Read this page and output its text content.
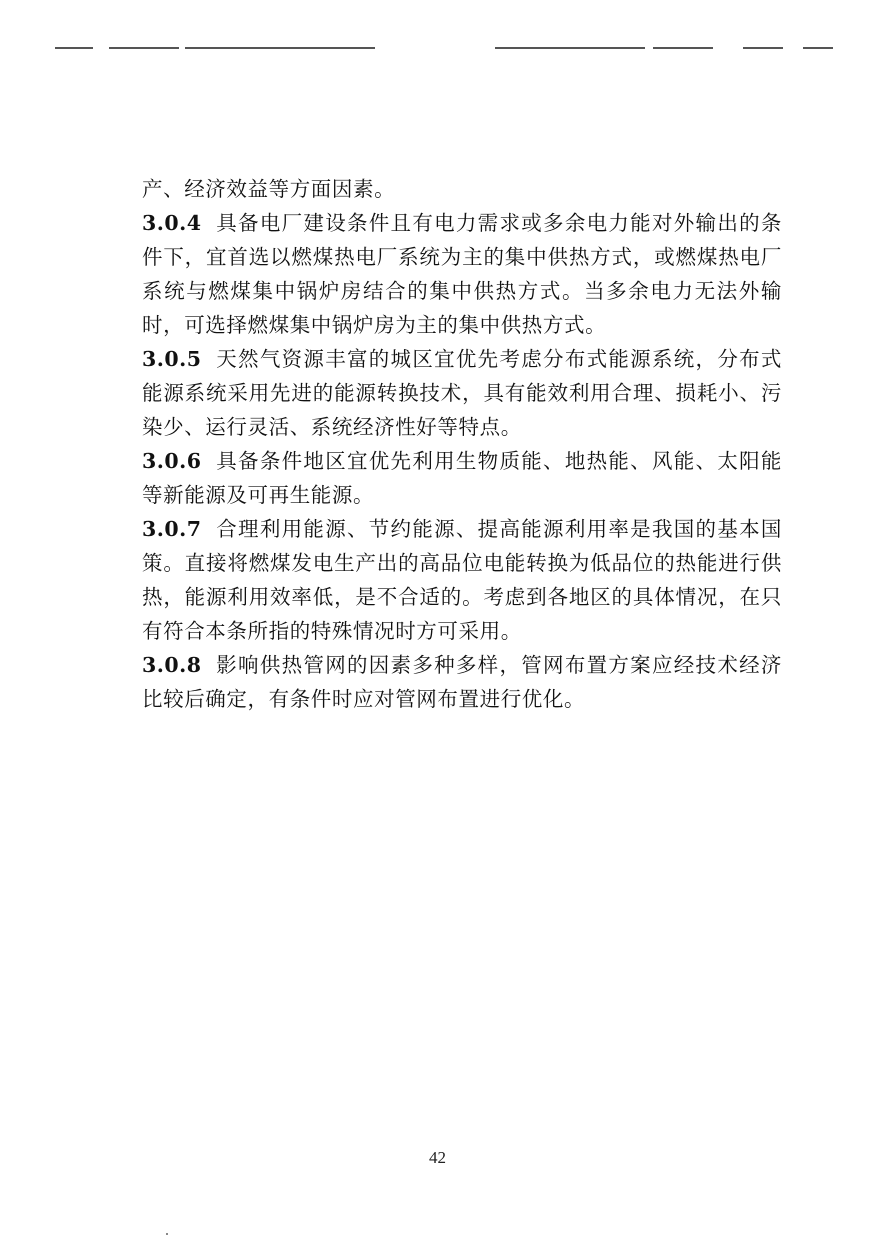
产、经济效益等方面因素。

3.0.4 具备电厂建设条件且有电力需求或多余电力能对外输出的条件下，宜首选以燃煤热电厂系统为主的集中供热方式，或燃煤热电厂系统与燃煤集中锅炉房结合的集中供热方式。当多余电力无法外输时，可选择燃煤集中锅炉房为主的集中供热方式。

3.0.5 天然气资源丰富的城区宜优先考虑分布式能源系统，分布式能源系统采用先进的能源转换技术，具有能效利用合理、损耗小、污染少、运行灵活、系统经济性好等特点。

3.0.6 具备条件地区宜优先利用生物质能、地热能、风能、太阳能等新能源及可再生能源。

3.0.7 合理利用能源、节约能源、提高能源利用率是我国的基本国策。直接将燃煤发电生产出的高品位电能转换为低品位的热能进行供热，能源利用效率低，是不合适的。考虑到各地区的具体情况，在只有符合本条所指的特殊情况时方可采用。

3.0.8 影响供热管网的因素多种多样，管网布置方案应经技术经济比较后确定，有条件时应对管网布置进行优化。

42
